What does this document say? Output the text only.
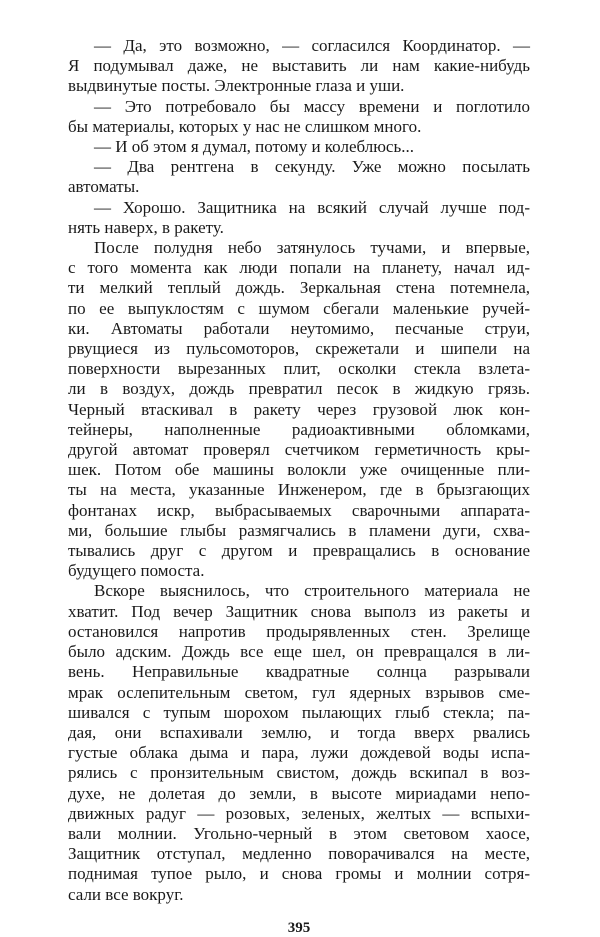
— Да, это возможно, — согласился Координатор. —
Я подумывал даже, не выставить ли нам какие-нибудь
выдвинутые посты. Электронные глаза и уши.
— Это потребовало бы массу времени и поглотило
бы материалы, которых у нас не слишком много.
— И об этом я думал, потому и колеблюсь...
— Два рентгена в секунду. Уже можно посылать
автоматы.
— Хорошо. Защитника на всякий случай лучше под-
нять наверх, в ракету.
После полудня небо затянулось тучами, и впервые,
с того момента как люди попали на планету, начал ид-
ти мелкий теплый дождь. Зеркальная стена потемнела,
по ее выпуклостям с шумом сбегали маленькие ручей-
ки. Автоматы работали неутомимо, песчаные струи,
рвущиеся из пульсомоторов, скрежетали и шипели на
поверхности вырезанных плит, осколки стекла взлета-
ли в воздух, дождь превратил песок в жидкую грязь.
Черный втаскивал в ракету через грузовой люк кон-
тейнеры, наполненные радиоактивными обломками,
другой автомат проверял счетчиком герметичность кры-
шек. Потом обе машины волокли уже очищенные пли-
ты на места, указанные Инженером, где в брызгающих
фонтанах искр, выбрасываемых сварочными аппарата-
ми, большие глыбы размягчались в пламени дуги, схва-
тывались друг с другом и превращались в основание
будущего помоста.
Вскоре выяснилось, что строительного материала не
хватит. Под вечер Защитник снова выполз из ракеты и
остановился напротив продырявленных стен. Зрелище
было адским. Дождь все еще шел, он превращался в ли-
вень. Неправильные квадратные солнца разрывали
мрак ослепительным светом, гул ядерных взрывов сме-
шивался с тупым шорохом пылающих глыб стекла; па-
дая, они вспахивали землю, и тогда вверх рвались
густые облака дыма и пара, лужи дождевой воды испа-
рялись с пронзительным свистом, дождь вскипал в воз-
духе, не долетая до земли, в высоте мириадами непо-
движных радуг — розовых, зеленых, желтых — вспыхи-
вали молнии. Угольно-черный в этом световом хаосе,
Защитник отступал, медленно поворачивался на месте,
поднимая тупое рыло, и снова громы и молнии сотря-
сали все вокруг.
395
